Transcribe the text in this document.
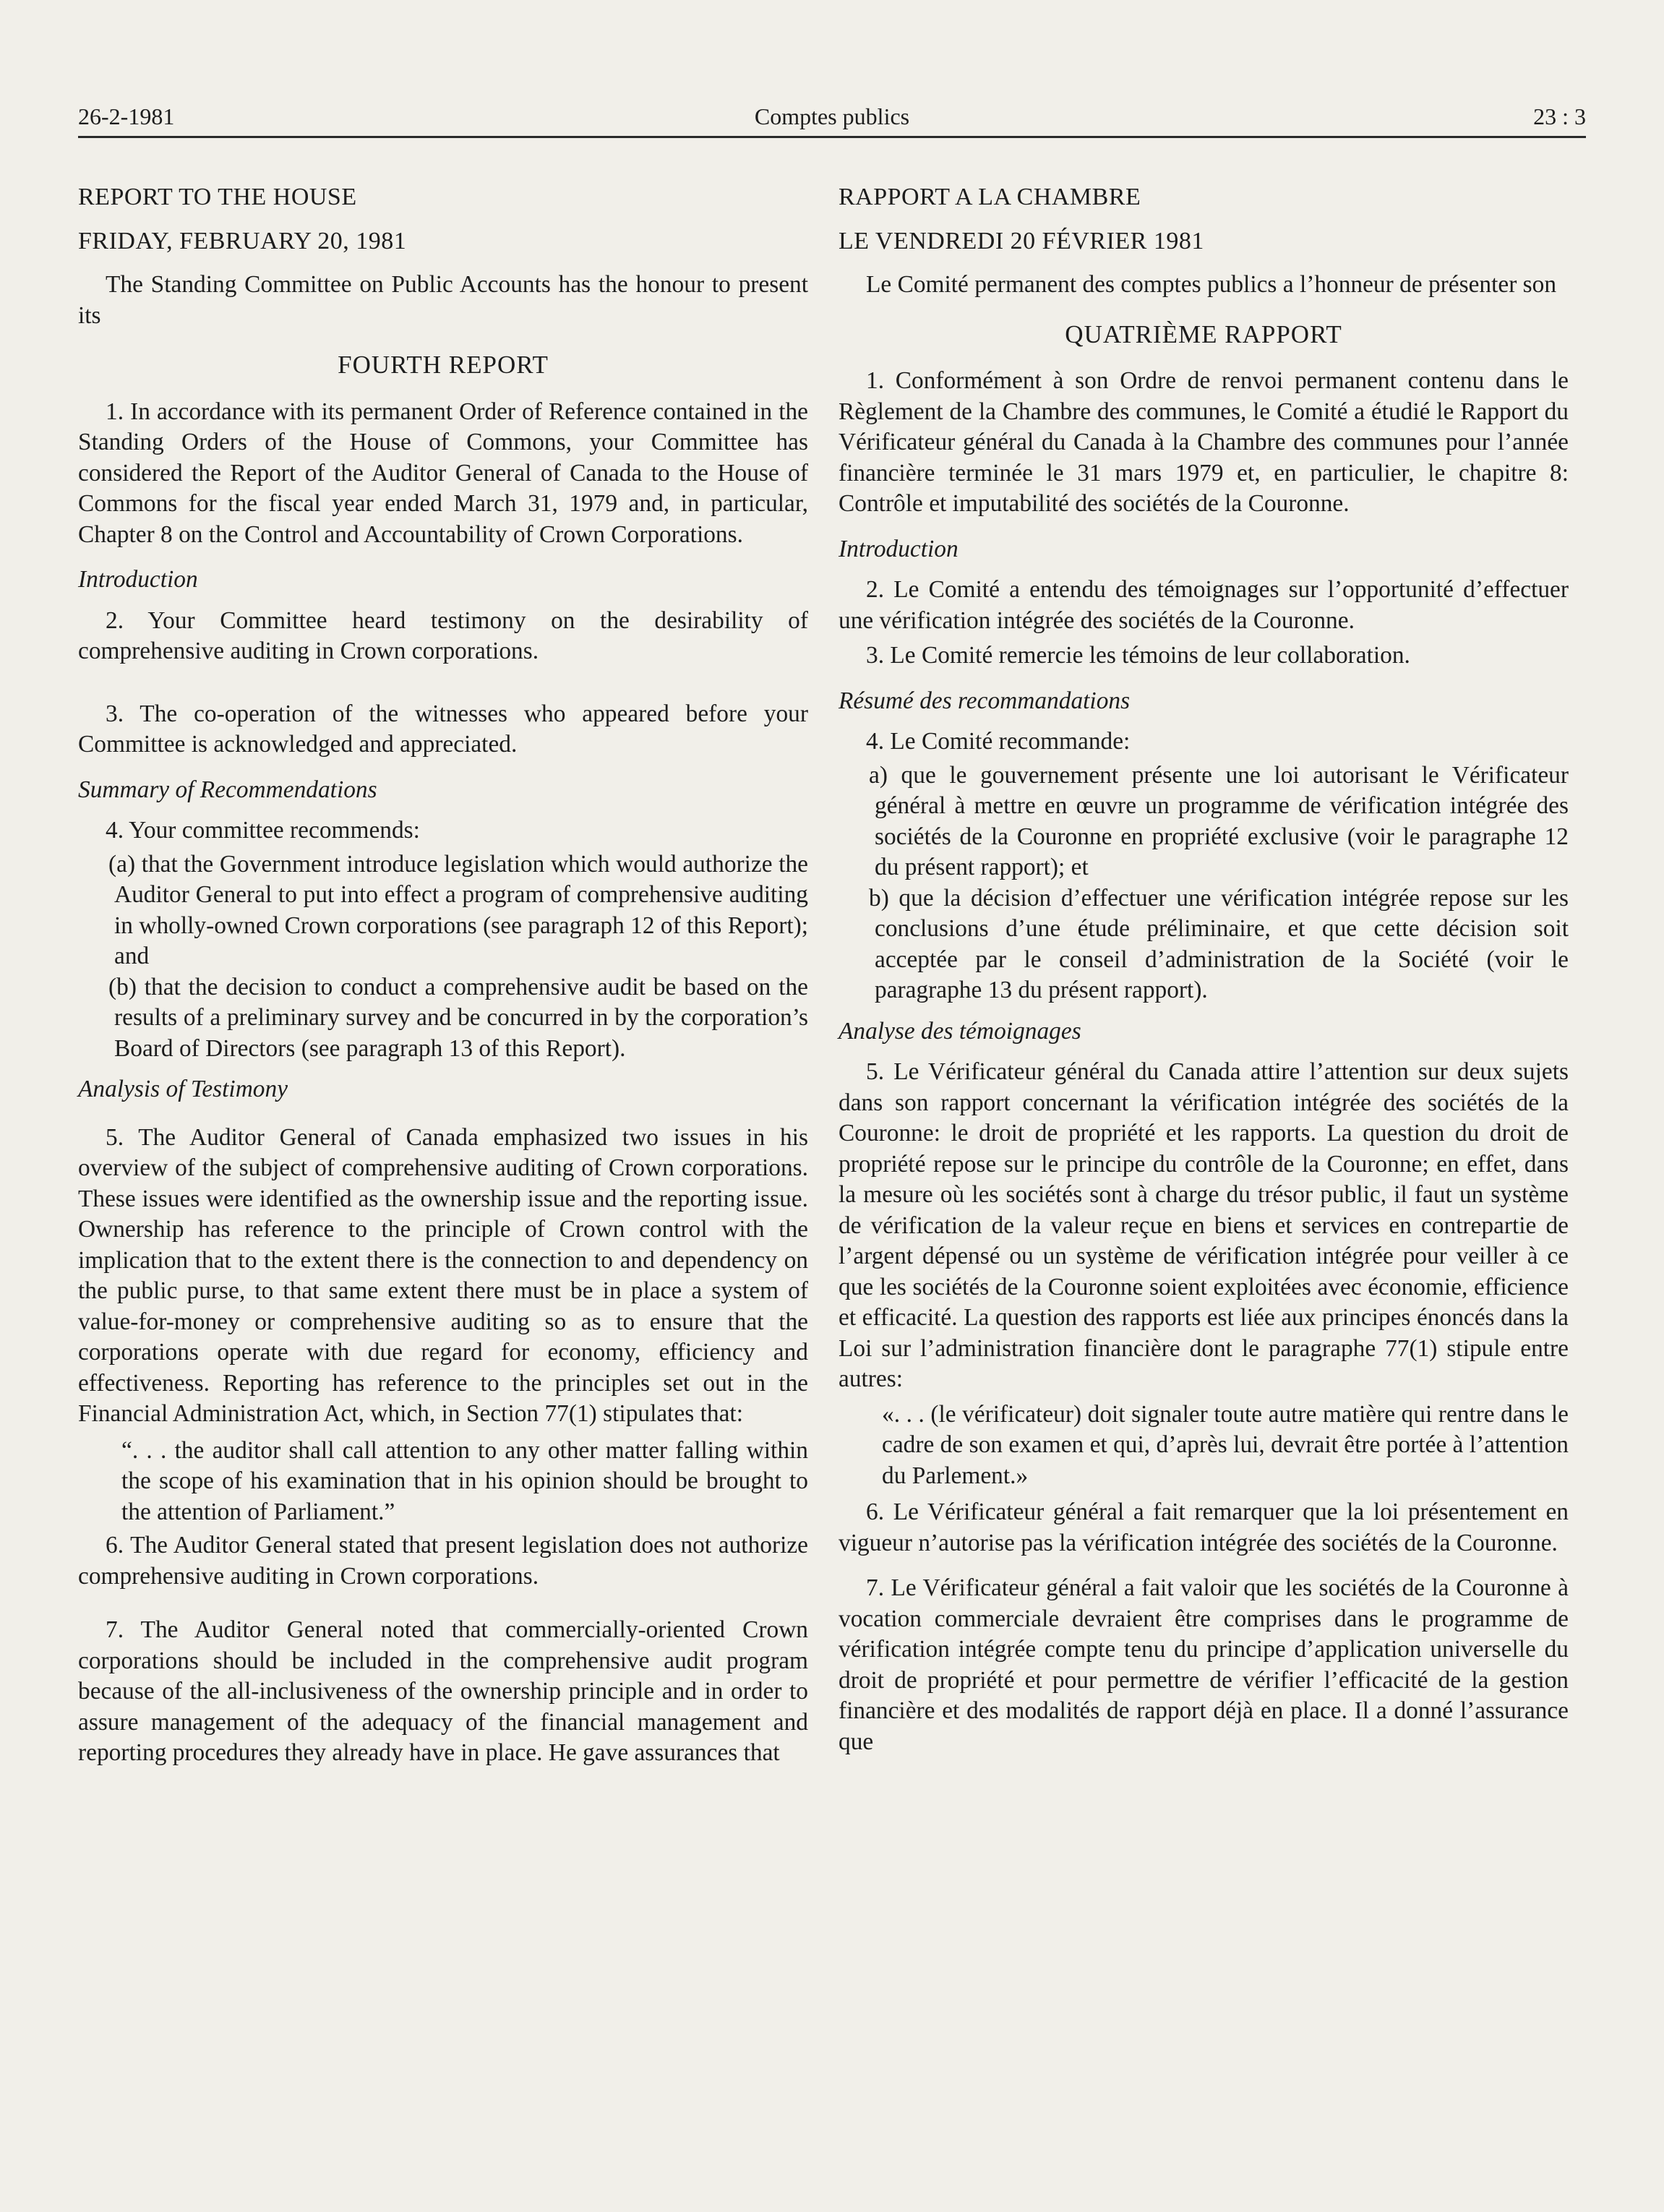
26-2-1981	Comptes publics	23 : 3

REPORT TO THE HOUSE

FRIDAY, FEBRUARY 20, 1981

The Standing Committee on Public Accounts has the honour to present its

FOURTH REPORT

1. In accordance with its permanent Order of Reference contained in the Standing Orders of the House of Commons, your Committee has considered the Report of the Auditor General of Canada to the House of Commons for the fiscal year ended March 31, 1979 and, in particular, Chapter 8 on the Control and Accountability of Crown Corporations.

Introduction

2. Your Committee heard testimony on the desirability of comprehensive auditing in Crown corporations.

3. The co-operation of the witnesses who appeared before your Committee is acknowledged and appreciated.

Summary of Recommendations

4. Your committee recommends:

(a) that the Government introduce legislation which would authorize the Auditor General to put into effect a program of comprehensive auditing in wholly-owned Crown corporations (see paragraph 12 of this Report); and

(b) that the decision to conduct a comprehensive audit be based on the results of a preliminary survey and be concurred in by the corporation’s Board of Directors (see paragraph 13 of this Report).

Analysis of Testimony

5. The Auditor General of Canada emphasized two issues in his overview of the subject of comprehensive auditing of Crown corporations. These issues were identified as the ownership issue and the reporting issue. Ownership has reference to the principle of Crown control with the implication that to the extent there is the connection to and dependency on the public purse, to that same extent there must be in place a system of value-for-money or comprehensive auditing so as to ensure that the corporations operate with due regard for economy, efficiency and effectiveness. Reporting has reference to the principles set out in the Financial Administration Act, which, in Section 77(1) stipulates that:

“. . . the auditor shall call attention to any other matter falling within the scope of his examination that in his opinion should be brought to the attention of Parliament.”

6. The Auditor General stated that present legislation does not authorize comprehensive auditing in Crown corporations.

7. The Auditor General noted that commercially-oriented Crown corporations should be included in the comprehensive audit program because of the all-inclusiveness of the ownership principle and in order to assure management of the adequacy of the financial management and reporting procedures they already have in place. He gave assurances that

RAPPORT A LA CHAMBRE

LE VENDREDI 20 FÉVRIER 1981

Le Comité permanent des comptes publics a l’honneur de présenter son

QUATRIÈME RAPPORT

1. Conformément à son Ordre de renvoi permanent contenu dans le Règlement de la Chambre des communes, le Comité a étudié le Rapport du Vérificateur général du Canada à la Chambre des communes pour l’année financière terminée le 31 mars 1979 et, en particulier, le chapitre 8: Contrôle et imputabilité des sociétés de la Couronne.

Introduction

2. Le Comité a entendu des témoignages sur l’opportunité d’effectuer une vérification intégrée des sociétés de la Couronne.

3. Le Comité remercie les témoins de leur collaboration.

Résumé des recommandations

4. Le Comité recommande:

a) que le gouvernement présente une loi autorisant le Vérificateur général à mettre en œuvre un programme de vérification intégrée des sociétés de la Couronne en propriété exclusive (voir le paragraphe 12 du présent rapport); et

b) que la décision d’effectuer une vérification intégrée repose sur les conclusions d’une étude préliminaire, et que cette décision soit acceptée par le conseil d’administration de la Société (voir le paragraphe 13 du présent rapport).

Analyse des témoignages

5. Le Vérificateur général du Canada attire l’attention sur deux sujets dans son rapport concernant la vérification intégrée des sociétés de la Couronne: le droit de propriété et les rapports. La question du droit de propriété repose sur le principe du contrôle de la Couronne; en effet, dans la mesure où les sociétés sont à charge du trésor public, il faut un système de vérification de la valeur reçue en biens et services en contrepartie de l’argent dépensé ou un système de vérification intégrée pour veiller à ce que les sociétés de la Couronne soient exploitées avec économie, efficience et efficacité. La question des rapports est liée aux principes énoncés dans la Loi sur l’administration financière dont le paragraphe 77(1) stipule entre autres:

«. . . (le vérificateur) doit signaler toute autre matière qui rentre dans le cadre de son examen et qui, d’après lui, devrait être portée à l’attention du Parlement.»

6. Le Vérificateur général a fait remarquer que la loi présentement en vigueur n’autorise pas la vérification intégrée des sociétés de la Couronne.

7. Le Vérificateur général a fait valoir que les sociétés de la Couronne à vocation commerciale devraient être comprises dans le programme de vérification intégrée compte tenu du principe d’application universelle du droit de propriété et pour permettre de vérifier l’efficacité de la gestion financière et des modalités de rapport déjà en place. Il a donné l’assurance que
